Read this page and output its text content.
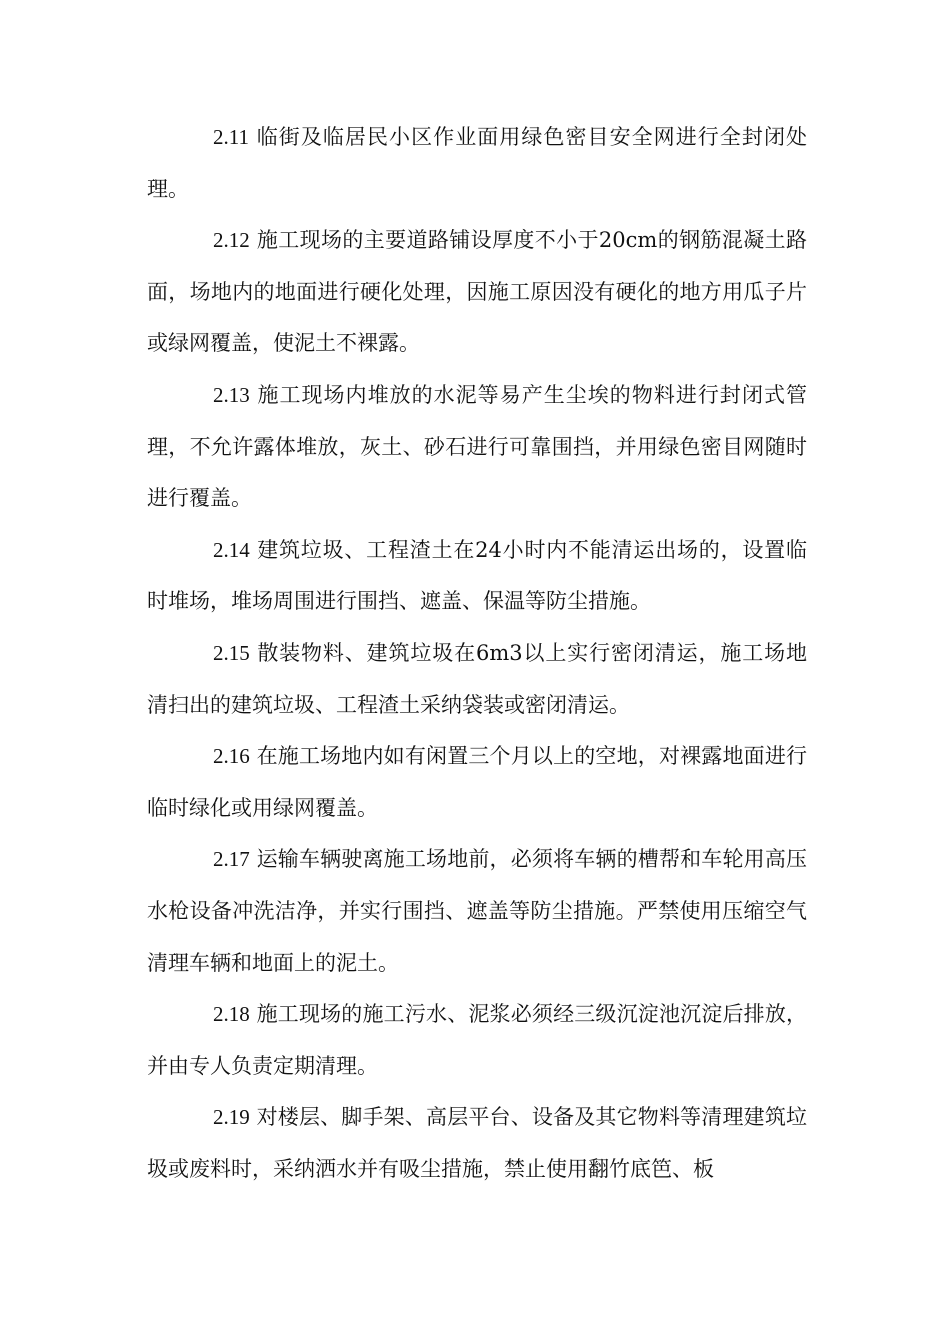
2.11 临街及临居民小区作业面用绿色密目安全网进行全封闭处理。

2.12 施工现场的主要道路铺设厚度不小于20cm的钢筋混凝土路面，场地内的地面进行硬化处理，因施工原因没有硬化的地方用瓜子片或绿网覆盖，使泥土不裸露。

2.13 施工现场内堆放的水泥等易产生尘埃的物料进行封闭式管理，不允许露体堆放，灰土、砂石进行可靠围挡，并用绿色密目网随时进行覆盖。

2.14 建筑垃圾、工程渣土在24小时内不能清运出场的，设置临时堆场，堆场周围进行围挡、遮盖、保温等防尘措施。

2.15 散装物料、建筑垃圾在6m3以上实行密闭清运，施工场地清扫出的建筑垃圾、工程渣土采纳袋装或密闭清运。

2.16 在施工场地内如有闲置三个月以上的空地，对裸露地面进行临时绿化或用绿网覆盖。

2.17 运输车辆驶离施工场地前，必须将车辆的槽帮和车轮用高压水枪设备冲洗洁净，并实行围挡、遮盖等防尘措施。严禁使用压缩空气清理车辆和地面上的泥土。

2.18 施工现场的施工污水、泥浆必须经三级沉淀池沉淀后排放，并由专人负责定期清理。

2.19 对楼层、脚手架、高层平台、设备及其它物料等清理建筑垃圾或废料时，采纳洒水并有吸尘措施，禁止使用翻竹底笆、板
